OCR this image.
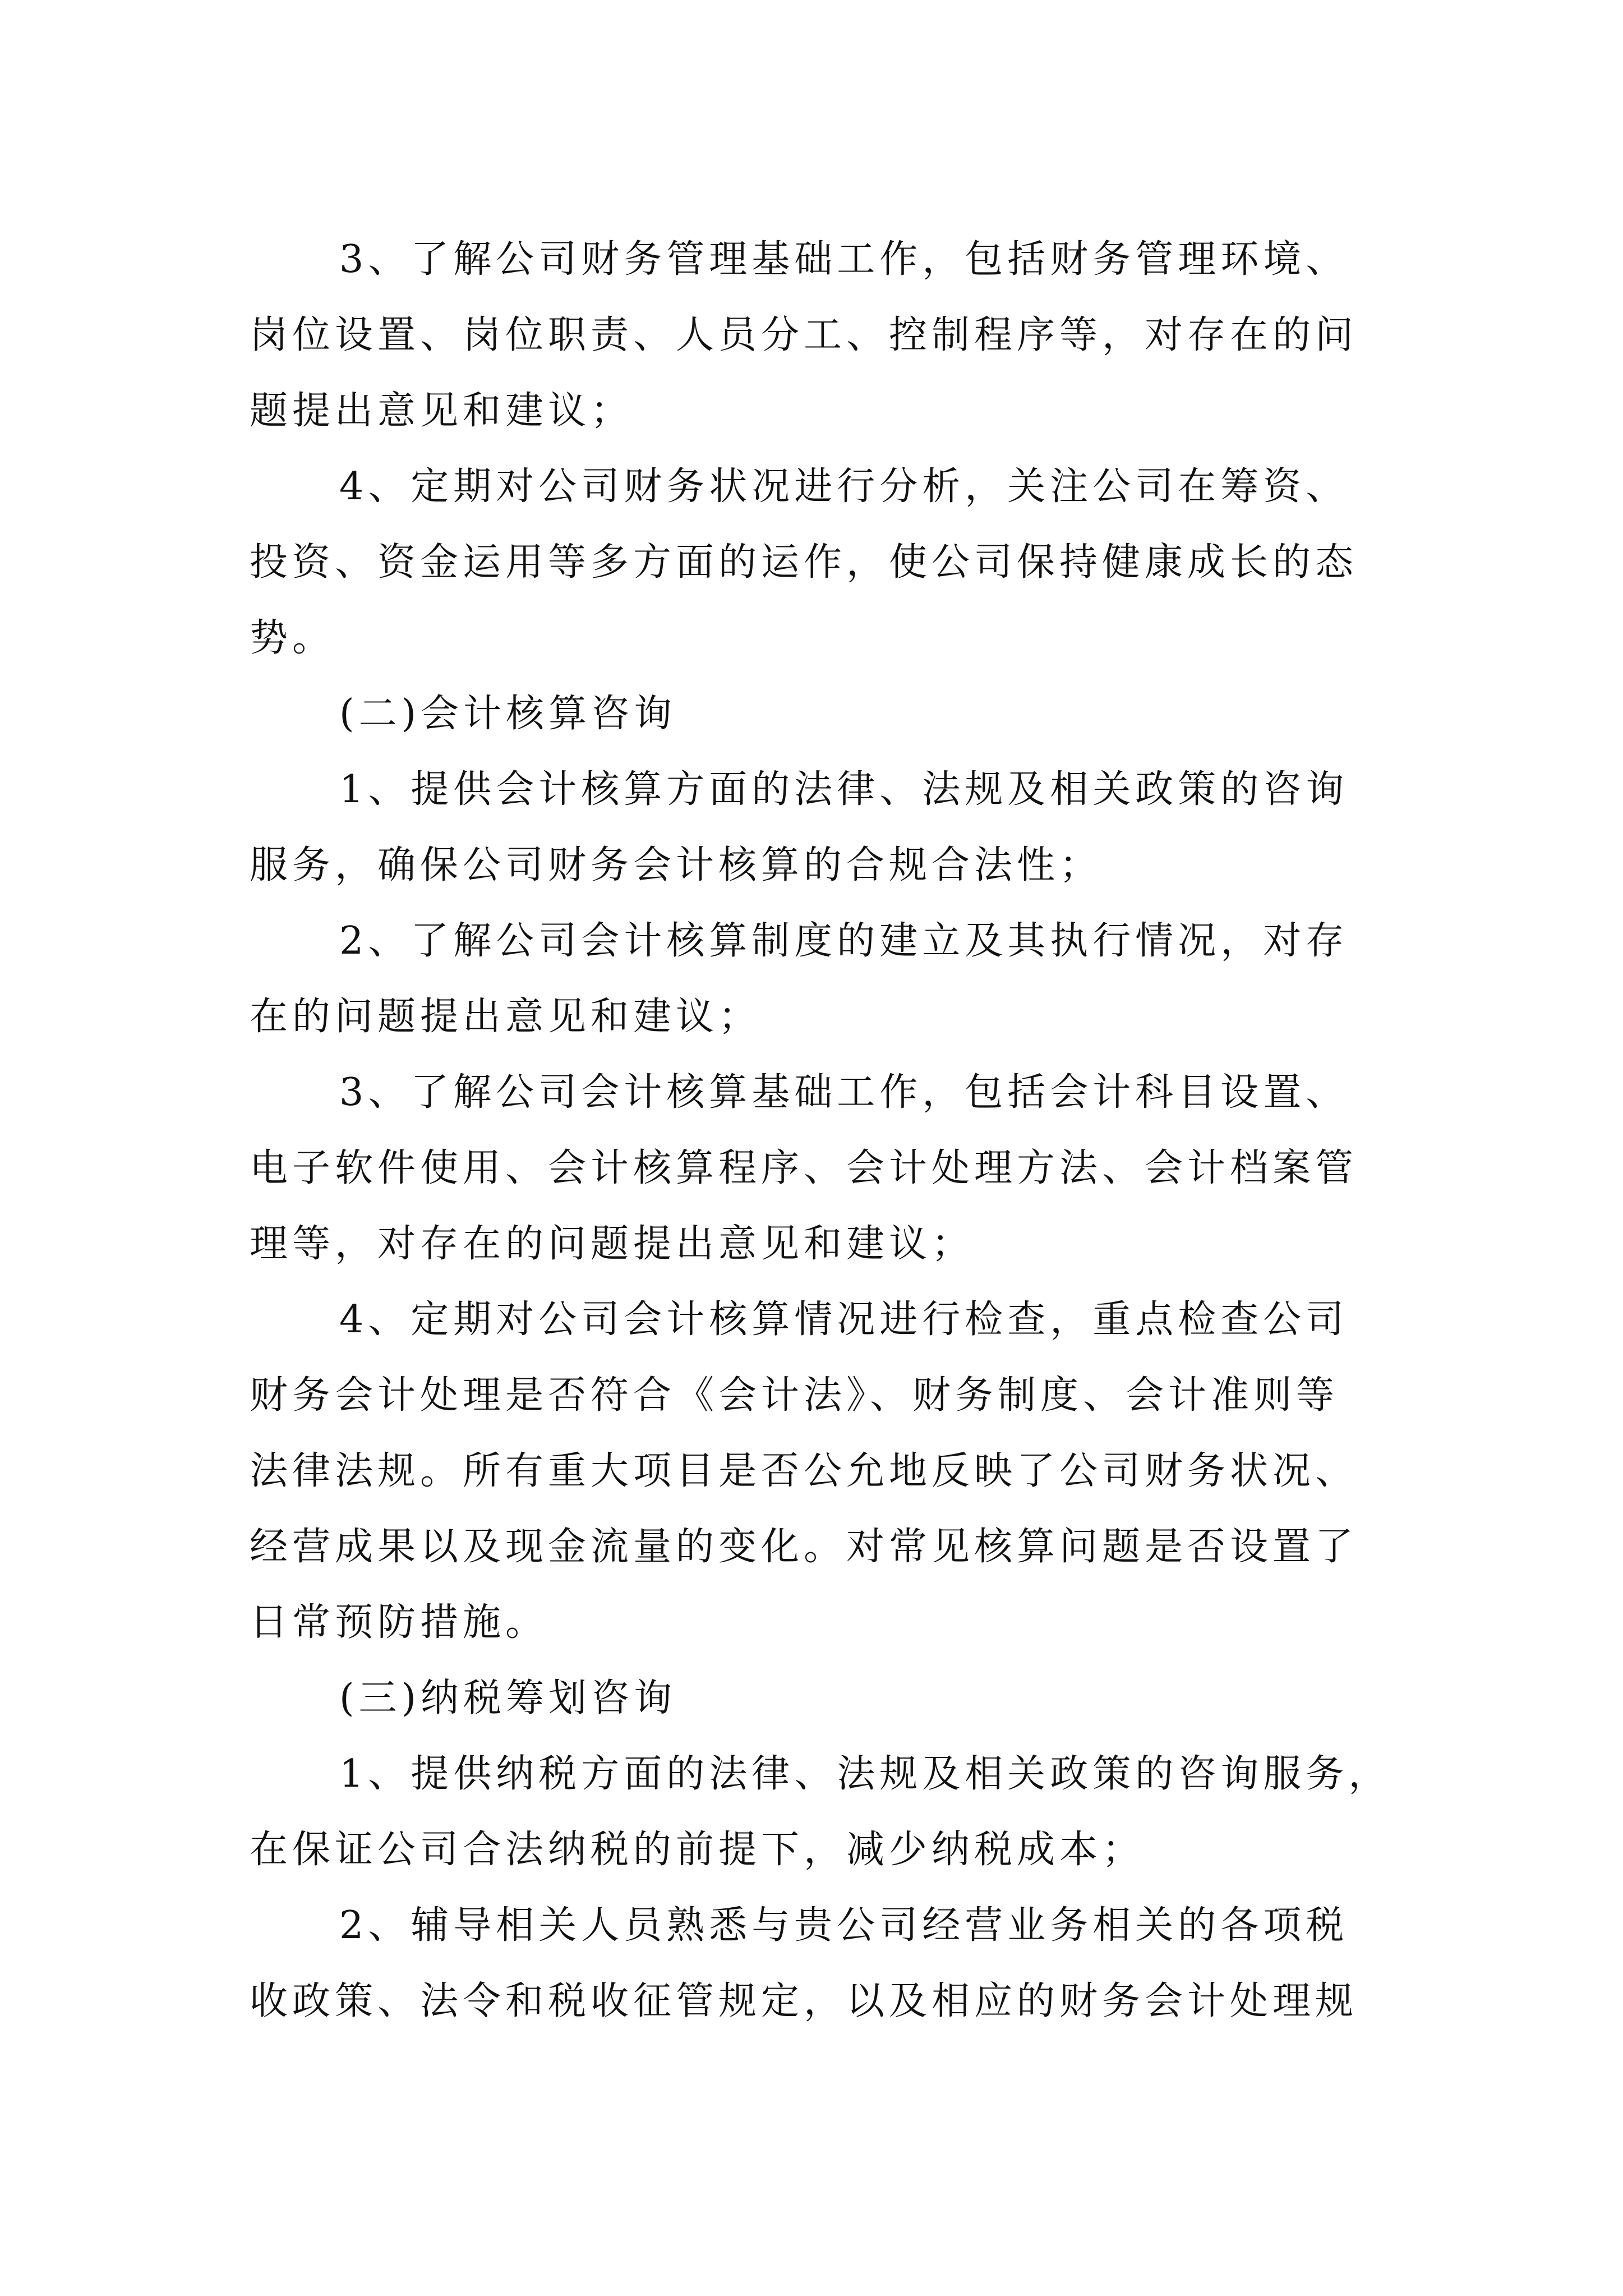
3、了解公司财务管理基础工作，包括财务管理环境、
岗位设置、岗位职责、人员分工、控制程序等，对存在的问
题提出意见和建议；
4、定期对公司财务状况进行分析，关注公司在筹资、
投资、资金运用等多方面的运作，使公司保持健康成长的态
势。
(二)会计核算咨询
1、提供会计核算方面的法律、法规及相关政策的咨询
服务，确保公司财务会计核算的合规合法性；
2、了解公司会计核算制度的建立及其执行情况，对存
在的问题提出意见和建议；
3、了解公司会计核算基础工作，包括会计科目设置、
电子软件使用、会计核算程序、会计处理方法、会计档案管
理等，对存在的问题提出意见和建议；
4、定期对公司会计核算情况进行检查，重点检查公司
财务会计处理是否符合《会计法》、财务制度、会计准则等
法律法规。所有重大项目是否公允地反映了公司财务状况、
经营成果以及现金流量的变化。对常见核算问题是否设置了
日常预防措施。
(三)纳税筹划咨询
1、提供纳税方面的法律、法规及相关政策的咨询服务，
在保证公司合法纳税的前提下，减少纳税成本；
2、辅导相关人员熟悉与贵公司经营业务相关的各项税
收政策、法令和税收征管规定，以及相应的财务会计处理规
